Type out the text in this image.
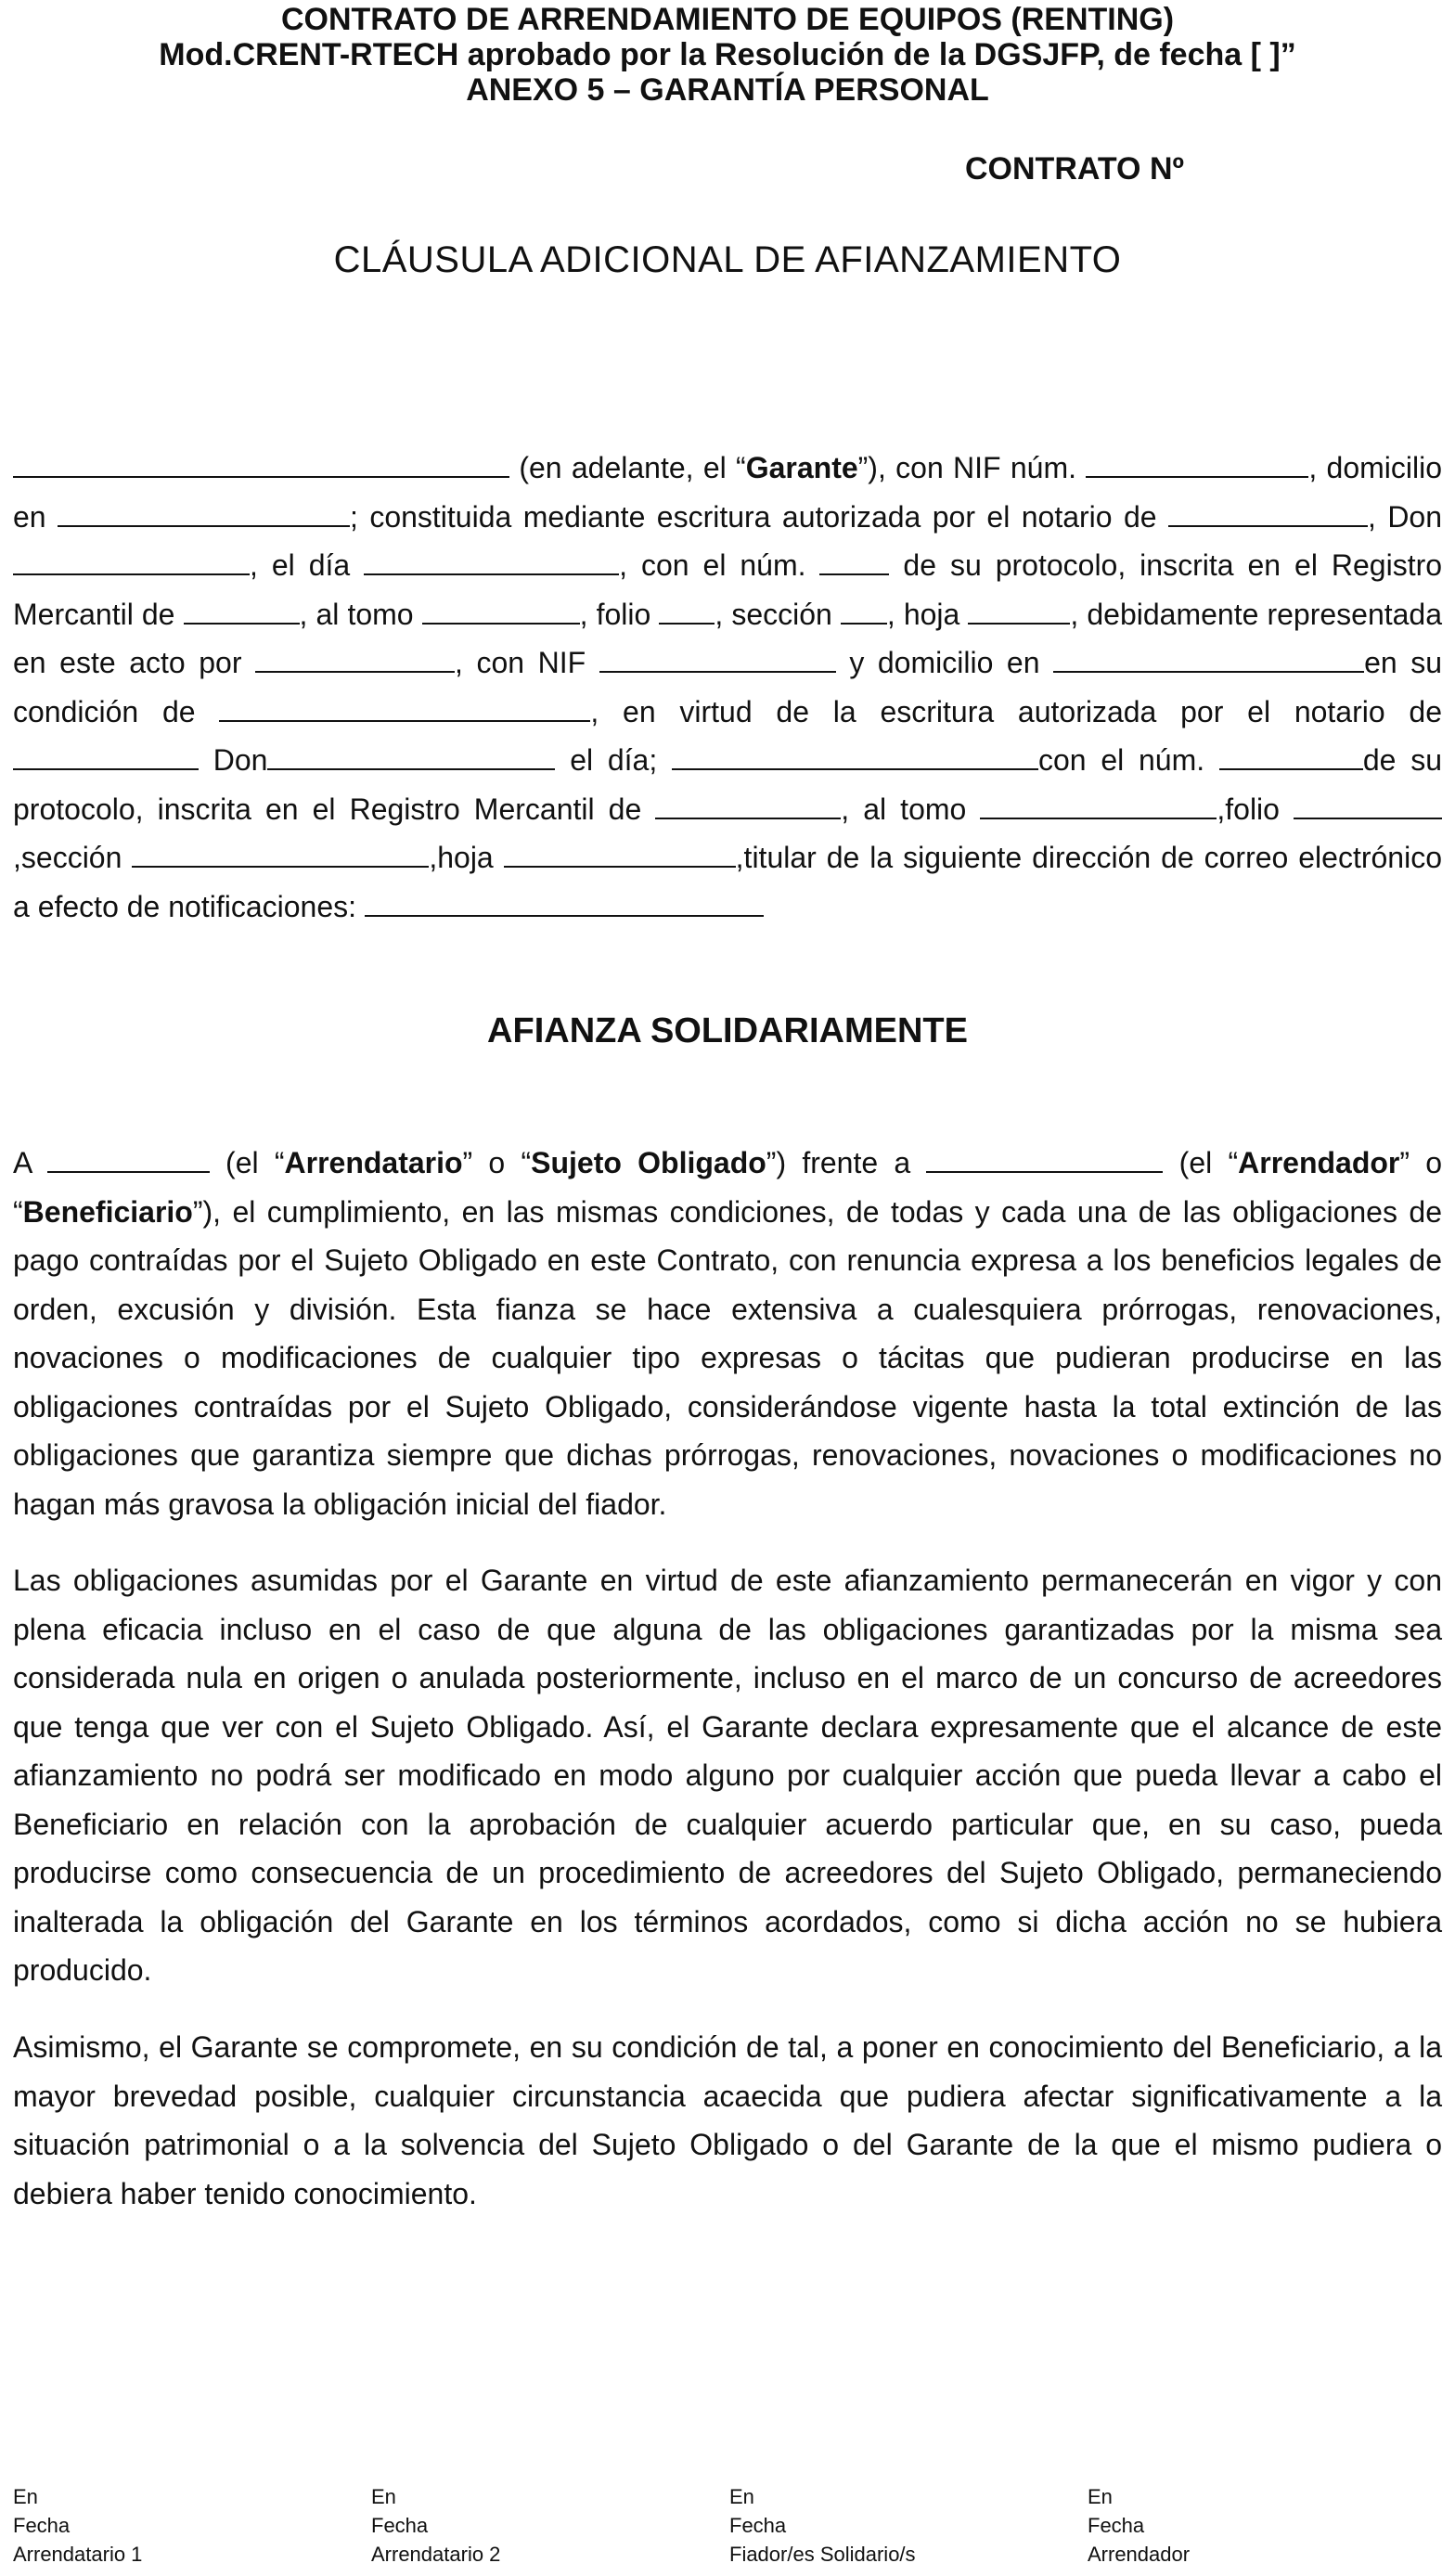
CONTRATO DE ARRENDAMIENTO DE EQUIPOS (RENTING)
Mod.CRENT-RTECH aprobado por la Resolución de la DGSJFP, de fecha [ ]”
ANEXO 5 – GARANTÍA PERSONAL
CONTRATO Nº
CLÁUSULA ADICIONAL DE AFIANZAMIENTO

(en adelante, el “Garante”), con NIF núm.	, domicilio en	; constituida mediante escritura autorizada por el notario de	, Don , el día	, con el núm.	de su protocolo, inscrita en el Registro Mercantil de	, al tomo	, folio , sección , hoja	, debidamente representada en este acto por	, con NIF	y domicilio en	en su condición de	, en virtud de la escritura autorizada por el notario de  Don	el día;	con el núm.	de su protocolo, inscrita en el Registro Mercantil de	, al tomo	,folio ,sección	,hoja	,titular de la siguiente dirección de correo electrónico a efecto de notificaciones:

AFIANZA SOLIDARIAMENTE

A	(el “Arrendatario” o “Sujeto Obligado”) frente a	(el “Arrendador” o “Beneficiario”), el cumplimiento, en las mismas condiciones, de todas y cada una de las obligaciones de pago contraídas por el Sujeto Obligado en este Contrato, con renuncia expresa a los beneficios legales de orden, excusión y división. Esta fianza se hace extensiva a cualesquiera prórrogas, renovaciones, novaciones o modificaciones de cualquier tipo expresas o tácitas que pudieran producirse en las obligaciones contraídas por el Sujeto Obligado, considerándose vigente hasta la total extinción de las obligaciones que garantiza siempre que dichas prórrogas, renovaciones, novaciones o modificaciones no hagan más gravosa la obligación inicial del fiador.

Las obligaciones asumidas por el Garante en virtud de este afianzamiento permanecerán en vigor y con plena eficacia incluso en el caso de que alguna de las obligaciones garantizadas por la misma sea considerada nula en origen o anulada posteriormente, incluso en el marco de un concurso de acreedores que tenga que ver con el Sujeto Obligado. Así, el Garante declara expresamente que el alcance de este afianzamiento no podrá ser modificado en modo alguno por cualquier acción que pueda llevar a cabo el Beneficiario en relación con la aprobación de cualquier acuerdo particular que, en su caso, pueda producirse como consecuencia de un procedimiento de acreedores del Sujeto Obligado, permaneciendo inalterada la obligación del Garante en los términos acordados, como si dicha acción no se hubiera producido.

Asimismo, el Garante se compromete, en su condición de tal, a poner en conocimiento del Beneficiario, a la mayor brevedad posible, cualquier circunstancia acaecida que pudiera afectar significativamente a la situación patrimonial o a la solvencia del Sujeto Obligado o del Garante de la que el mismo pudiera o debiera haber tenido conocimiento.

En
Fecha
Arrendatario 1
En
Fecha
Arrendatario 2
En
Fecha
Fiador/es Solidario/s
En
Fecha
Arrendador
